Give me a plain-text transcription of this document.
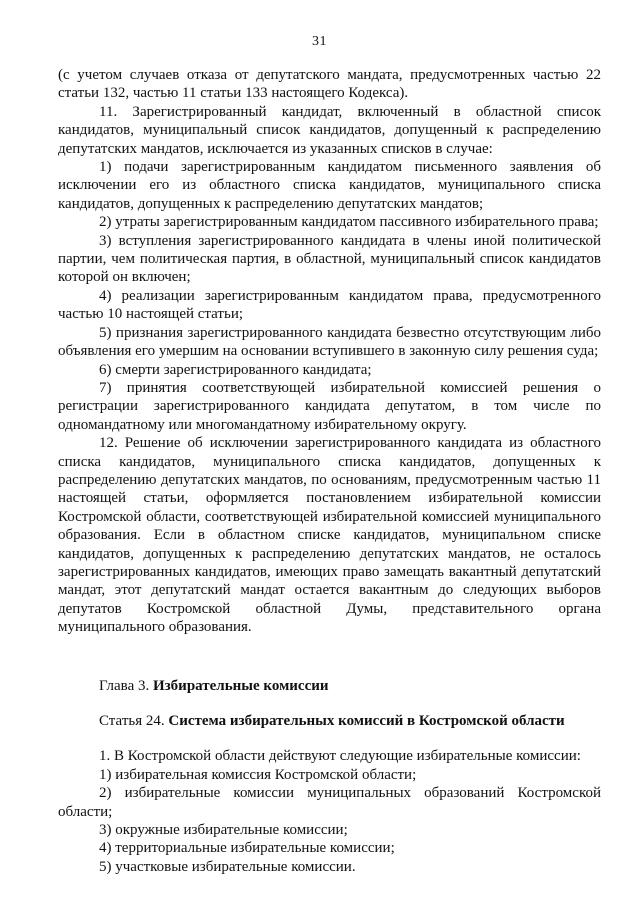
31

(с учетом случаев отказа от депутатского мандата, предусмотренных частью 22 статьи 132, частью 11 статьи 133 настоящего Кодекса).

11. Зарегистрированный кандидат, включенный в областной список кандидатов, муниципальный список кандидатов, допущенный к распределению депутатских мандатов, исключается из указанных списков в случае:

1) подачи зарегистрированным кандидатом письменного заявления об исключении его из областного списка кандидатов, муниципального списка кандидатов, допущенных к распределению депутатских мандатов;

2) утраты зарегистрированным кандидатом пассивного избирательного права;

3) вступления зарегистрированного кандидата в члены иной политической партии, чем политическая партия, в областной, муниципальный список кандидатов которой он включен;

4) реализации зарегистрированным кандидатом права, предусмотренного частью 10 настоящей статьи;

5) признания зарегистрированного кандидата безвестно отсутствующим либо объявления его умершим на основании вступившего в законную силу решения суда;

6) смерти зарегистрированного кандидата;

7) принятия соответствующей избирательной комиссией решения о регистрации зарегистрированного кандидата депутатом, в том числе по одномандатному или многомандатному избирательному округу.

12. Решение об исключении зарегистрированного кандидата из областного списка кандидатов, муниципального списка кандидатов, допущенных к распределению депутатских мандатов, по основаниям, предусмотренным частью 11 настоящей статьи, оформляется постановлением избирательной комиссии Костромской области, соответствующей избирательной комиссией муниципального образования. Если в областном списке кандидатов, муниципальном списке кандидатов, допущенных к распределению депутатских мандатов, не осталось зарегистрированных кандидатов, имеющих право замещать вакантный депутатский мандат, этот депутатский мандат остается вакантным до следующих выборов депутатов Костромской областной Думы, представительного органа муниципального образования.

Глава 3. Избирательные комиссии

Статья 24. Система избирательных комиссий в Костромской области

1. В Костромской области действуют следующие избирательные комиссии:

1) избирательная комиссия Костромской области;

2) избирательные комиссии муниципальных образований Костромской области;

3) окружные избирательные комиссии;

4) территориальные избирательные комиссии;

5) участковые избирательные комиссии.
